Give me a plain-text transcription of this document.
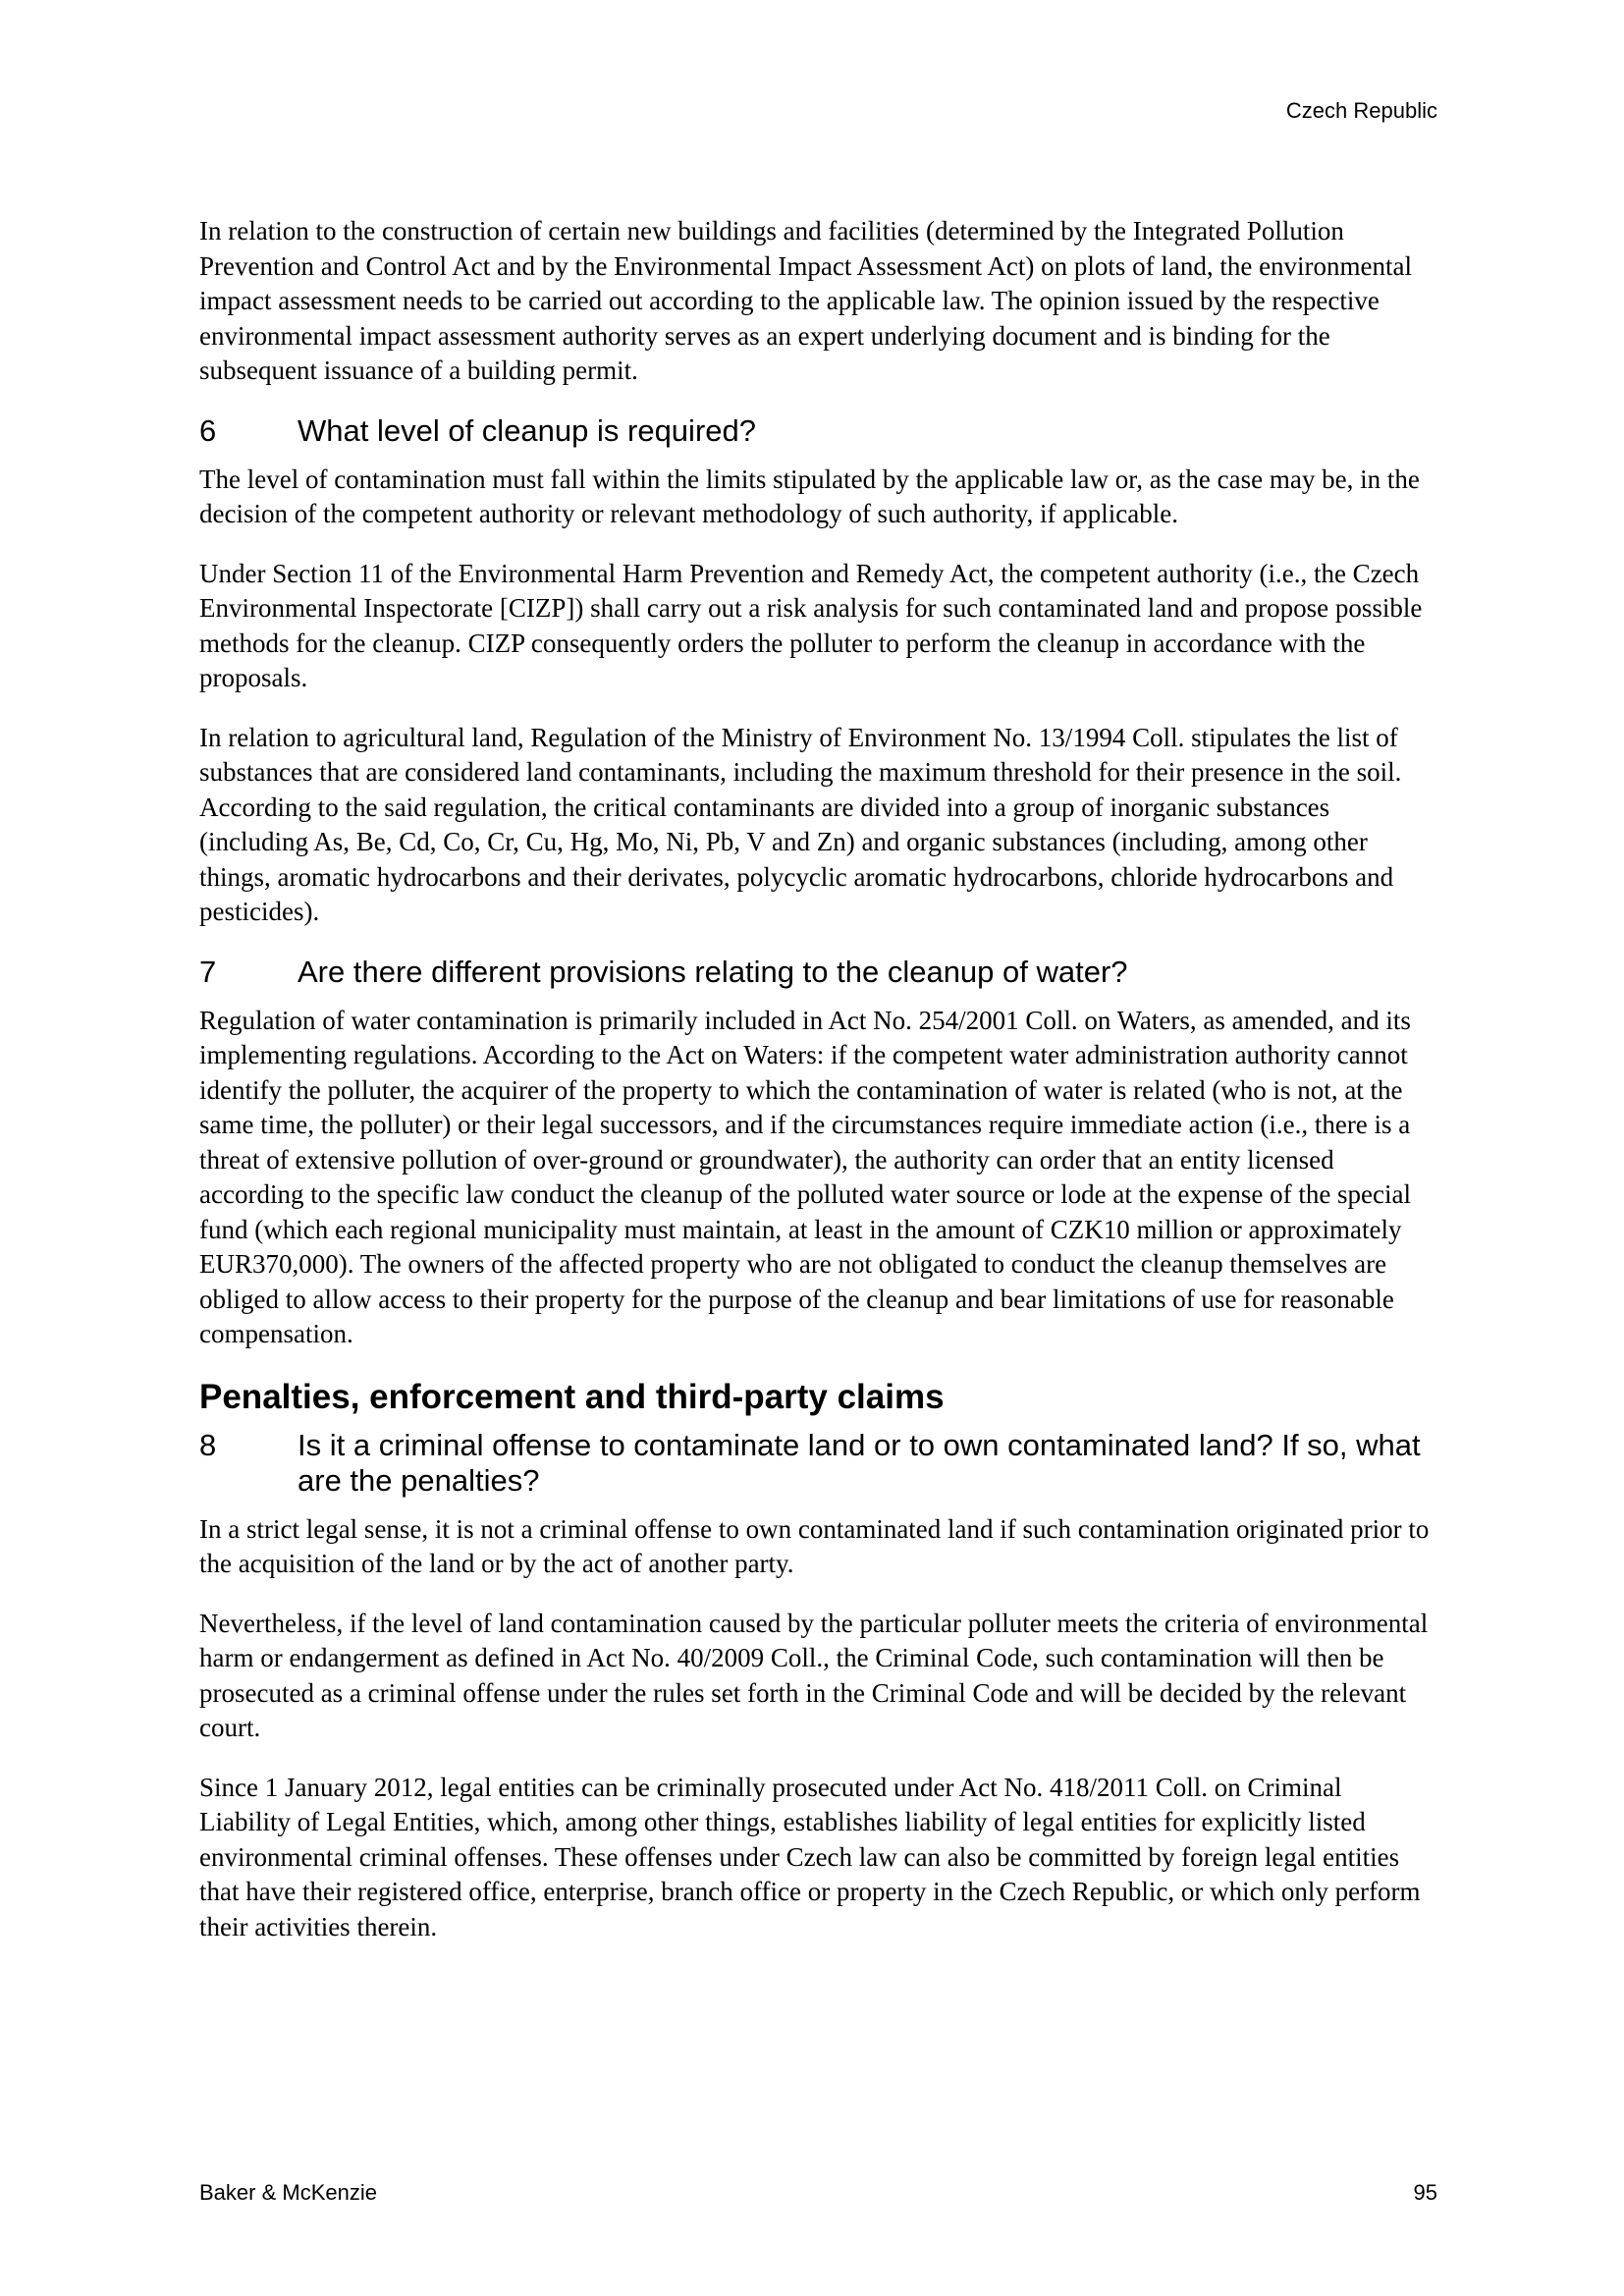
Czech Republic

In relation to the construction of certain new buildings and facilities (determined by the Integrated Pollution Prevention and Control Act and by the Environmental Impact Assessment Act) on plots of land, the environmental impact assessment needs to be carried out according to the applicable law. The opinion issued by the respective environmental impact assessment authority serves as an expert underlying document and is binding for the subsequent issuance of a building permit.

6	What level of cleanup is required?

The level of contamination must fall within the limits stipulated by the applicable law or, as the case may be, in the decision of the competent authority or relevant methodology of such authority, if applicable.

Under Section 11 of the Environmental Harm Prevention and Remedy Act, the competent authority (i.e., the Czech Environmental Inspectorate [CIZP]) shall carry out a risk analysis for such contaminated land and propose possible methods for the cleanup. CIZP consequently orders the polluter to perform the cleanup in accordance with the proposals.

In relation to agricultural land, Regulation of the Ministry of Environment No. 13/1994 Coll. stipulates the list of substances that are considered land contaminants, including the maximum threshold for their presence in the soil. According to the said regulation, the critical contaminants are divided into a group of inorganic substances (including As, Be, Cd, Co, Cr, Cu, Hg, Mo, Ni, Pb, V and Zn) and organic substances (including, among other things, aromatic hydrocarbons and their derivates, polycyclic aromatic hydrocarbons, chloride hydrocarbons and pesticides).

7	Are there different provisions relating to the cleanup of water?

Regulation of water contamination is primarily included in Act No. 254/2001 Coll. on Waters, as amended, and its implementing regulations. According to the Act on Waters: if the competent water administration authority cannot identify the polluter, the acquirer of the property to which the contamination of water is related (who is not, at the same time, the polluter) or their legal successors, and if the circumstances require immediate action (i.e., there is a threat of extensive pollution of over-ground or groundwater), the authority can order that an entity licensed according to the specific law conduct the cleanup of the polluted water source or lode at the expense of the special fund (which each regional municipality must maintain, at least in the amount of CZK10 million or approximately EUR370,000). The owners of the affected property who are not obligated to conduct the cleanup themselves are obliged to allow access to their property for the purpose of the cleanup and bear limitations of use for reasonable compensation.

Penalties, enforcement and third-party claims
8	Is it a criminal offense to contaminate land or to own contaminated land? If so, what are the penalties?

In a strict legal sense, it is not a criminal offense to own contaminated land if such contamination originated prior to the acquisition of the land or by the act of another party.

Nevertheless, if the level of land contamination caused by the particular polluter meets the criteria of environmental harm or endangerment as defined in Act No. 40/2009 Coll., the Criminal Code, such contamination will then be prosecuted as a criminal offense under the rules set forth in the Criminal Code and will be decided by the relevant court.

Since 1 January 2012, legal entities can be criminally prosecuted under Act No. 418/2011 Coll. on Criminal Liability of Legal Entities, which, among other things, establishes liability of legal entities for explicitly listed environmental criminal offenses. These offenses under Czech law can also be committed by foreign legal entities that have their registered office, enterprise, branch office or property in the Czech Republic, or which only perform their activities therein.

Baker & McKenzie	95
